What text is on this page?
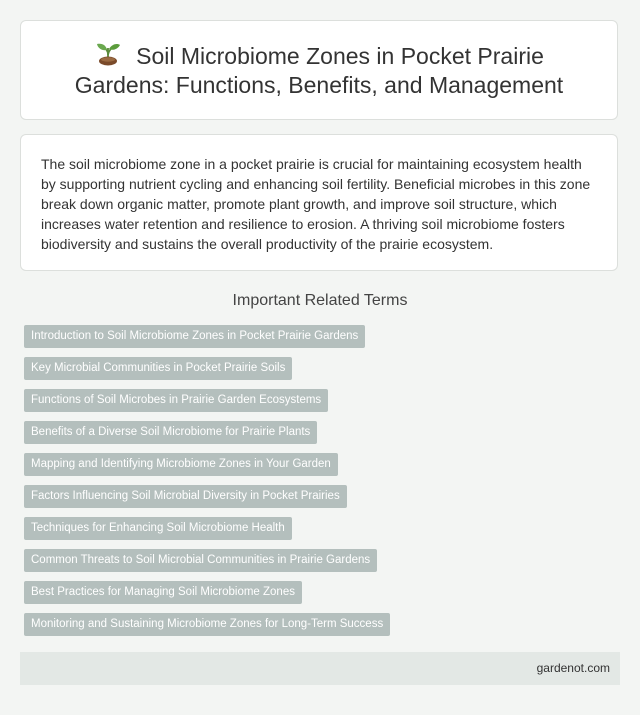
Soil Microbiome Zones in Pocket Prairie Gardens: Functions, Benefits, and Management

The soil microbiome zone in a pocket prairie is crucial for maintaining ecosystem health by supporting nutrient cycling and enhancing soil fertility. Beneficial microbes in this zone break down organic matter, promote plant growth, and improve soil structure, which increases water retention and resilience to erosion. A thriving soil microbiome fosters biodiversity and sustains the overall productivity of the prairie ecosystem.

Important Related Terms
Introduction to Soil Microbiome Zones in Pocket Prairie Gardens
Key Microbial Communities in Pocket Prairie Soils
Functions of Soil Microbes in Prairie Garden Ecosystems
Benefits of a Diverse Soil Microbiome for Prairie Plants
Mapping and Identifying Microbiome Zones in Your Garden
Factors Influencing Soil Microbial Diversity in Pocket Prairies
Techniques for Enhancing Soil Microbiome Health
Common Threats to Soil Microbial Communities in Prairie Gardens
Best Practices for Managing Soil Microbiome Zones
Monitoring and Sustaining Microbiome Zones for Long-Term Success
gardenot.com
